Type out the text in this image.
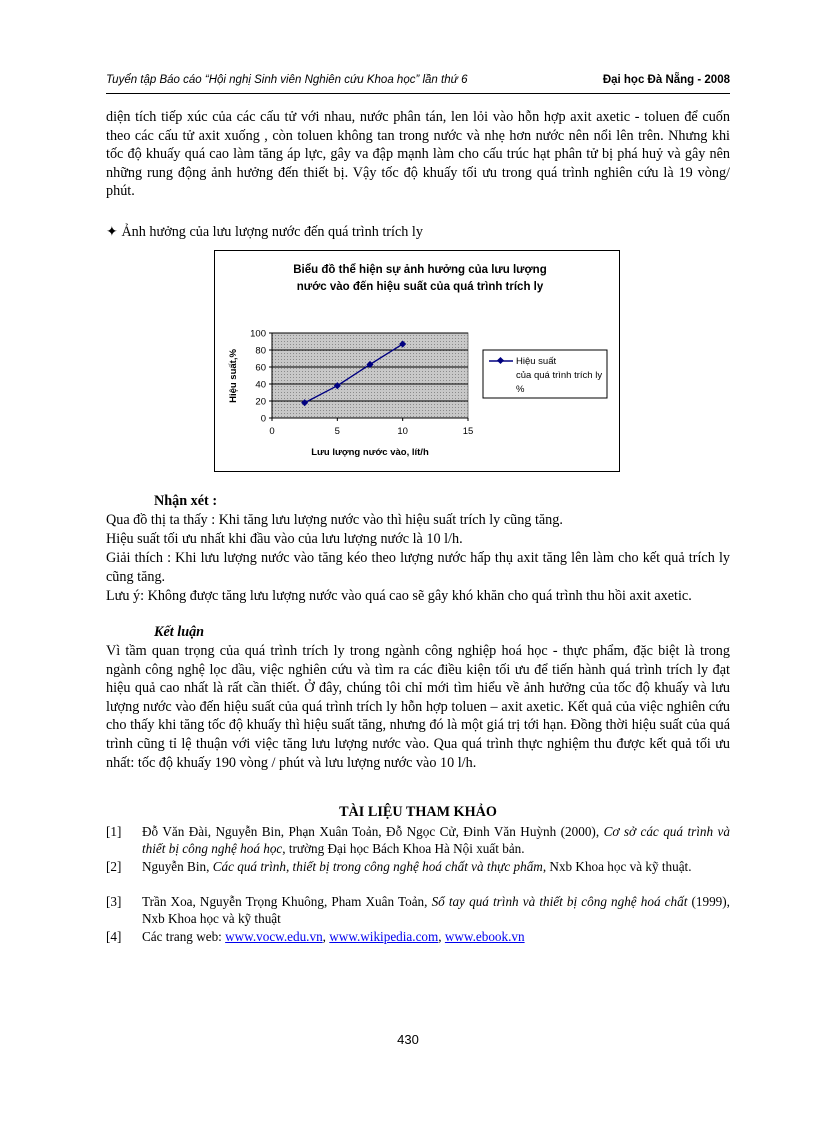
Tuyển tập Báo cáo “Hội nghị Sinh viên Nghiên cứu Khoa học” lần thứ 6	Đại học Đà Nẵng - 2008

diện tích tiếp xúc của các cấu tử với nhau, nước phân tán, len lỏi vào hỗn hợp axit axetic - toluen để cuốn theo các cấu tử axit xuống , còn toluen không tan trong nước và nhẹ hơn nước nên nổi lên trên. Nhưng khi tốc độ khuấy quá cao làm tăng áp lực, gây va đập mạnh làm cho cấu trúc hạt phân tử bị phá huỷ và gây nên những rung động ảnh hưởng đến thiết bị. Vậy tốc độ khuấy tối ưu trong quá trình nghiên cứu là 19 vòng/ phút.

✦ Ảnh hưởng của lưu lượng nước đến quá trình trích ly
Biểu đồ thể hiện sự ảnh hưởng của lưu lượng
nước vào đến hiệu suất của quá trình trích ly
0
20
40
60
80
100
0	5	10	15
Lưu lượng nước vào, lít/h
Hiệu suất,%	Hiệu suất
của quá trình trích ly
%
Nhận xét :

Qua đồ thị ta thấy : Khi tăng lưu lượng nước vào thì hiệu suất trích ly cũng tăng.

Hiệu suất tối ưu nhất khi đầu vào của lưu lượng nước là 10 l/h.

Giải thích : Khi lưu lượng nước vào tăng kéo theo lượng nước hấp thụ axit tăng lên làm cho kết quả trích ly cũng tăng.

Lưu ý: Không được tăng lưu lượng nước vào quá cao sẽ gây khó khăn cho quá trình thu hồi axit axetic.

Kết luận

Vì tầm quan trọng của quá trình trích ly trong ngành công nghiệp hoá học - thực phẩm, đặc biệt là trong ngành công nghệ lọc dầu, việc nghiên cứu và tìm ra các điều kiện tối ưu để tiến hành quá trình trích ly đạt hiệu quả cao nhất là rất cần thiết. Ở đây, chúng tôi chỉ mới tìm hiểu về ảnh hưởng của tốc độ khuấy và lưu lượng nước vào đến hiệu suất của quá trình trích ly hỗn hợp toluen – axit axetic. Kết quả của việc nghiên cứu cho thấy khi tăng tốc độ khuấy thì hiệu suất tăng, nhưng đó là một giá trị tới hạn. Đồng thời hiệu suất của quá trình cũng tỉ lệ thuận với việc tăng lưu lượng nước vào. Qua quá trình thực nghiệm thu được kết quả tối ưu nhất: tốc độ khuấy 190 vòng / phút và lưu lượng nước vào 10 l/h.

TÀI LIỆU THAM KHẢO
[1] Đỗ Văn Đài, Nguyễn Bin, Phạn Xuân Toản, Đỗ Ngọc Cử, Đinh Văn Huỳnh (2000), Cơ sở các quá trình và thiết bị công nghệ hoá học, trường Đại học Bách Khoa Hà Nội xuất bản.
[2] Nguyễn Bin, Các quá trình, thiết bị trong công nghệ hoá chất và thực phẩm, Nxb Khoa học và kỹ thuật.
[3] Trần Xoa, Nguyễn Trọng Khuông, Pham Xuân Toản, Sổ tay quá trình và thiết bị công nghệ hoá chất (1999), Nxb Khoa học và kỹ thuật
[4] Các trang web: www.vocw.edu.vn, www.wikipedia.com, www.ebook.vn
430
